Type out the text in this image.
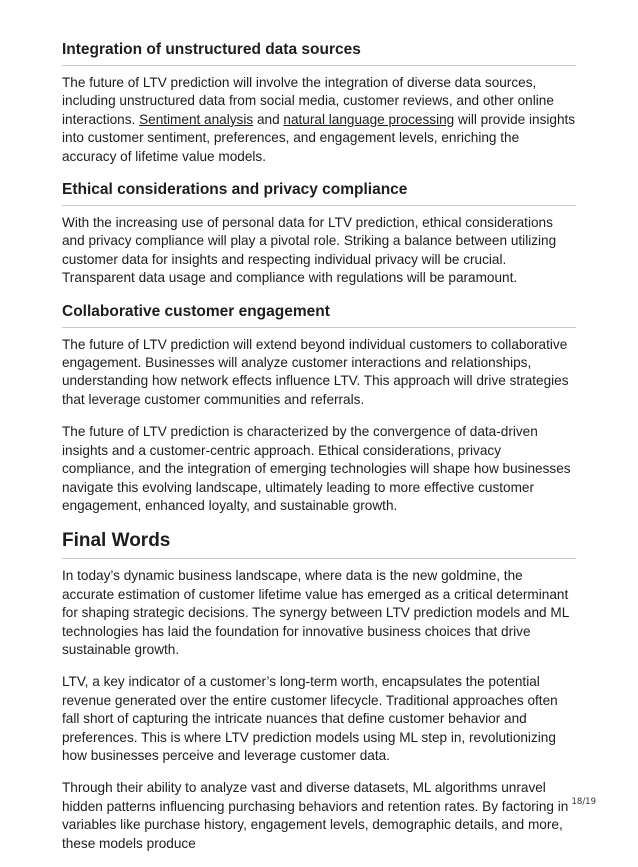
Integration of unstructured data sources

The future of LTV prediction will involve the integration of diverse data sources, including unstructured data from social media, customer reviews, and other online interactions. Sentiment analysis and natural language processing will provide insights into customer sentiment, preferences, and engagement levels, enriching the accuracy of lifetime value models.

Ethical considerations and privacy compliance

With the increasing use of personal data for LTV prediction, ethical considerations and privacy compliance will play a pivotal role. Striking a balance between utilizing customer data for insights and respecting individual privacy will be crucial. Transparent data usage and compliance with regulations will be paramount.

Collaborative customer engagement

The future of LTV prediction will extend beyond individual customers to collaborative engagement. Businesses will analyze customer interactions and relationships, understanding how network effects influence LTV. This approach will drive strategies that leverage customer communities and referrals.

The future of LTV prediction is characterized by the convergence of data-driven insights and a customer-centric approach. Ethical considerations, privacy compliance, and the integration of emerging technologies will shape how businesses navigate this evolving landscape, ultimately leading to more effective customer engagement, enhanced loyalty, and sustainable growth.

Final Words

In today’s dynamic business landscape, where data is the new goldmine, the accurate estimation of customer lifetime value has emerged as a critical determinant for shaping strategic decisions. The synergy between LTV prediction models and ML technologies has laid the foundation for innovative business choices that drive sustainable growth.

LTV, a key indicator of a customer’s long-term worth, encapsulates the potential revenue generated over the entire customer lifecycle. Traditional approaches often fall short of capturing the intricate nuances that define customer behavior and preferences. This is where LTV prediction models using ML step in, revolutionizing how businesses perceive and leverage customer data.

Through their ability to analyze vast and diverse datasets, ML algorithms unravel hidden patterns influencing purchasing behaviors and retention rates. By factoring in variables like purchase history, engagement levels, demographic details, and more, these models produce

18/19
